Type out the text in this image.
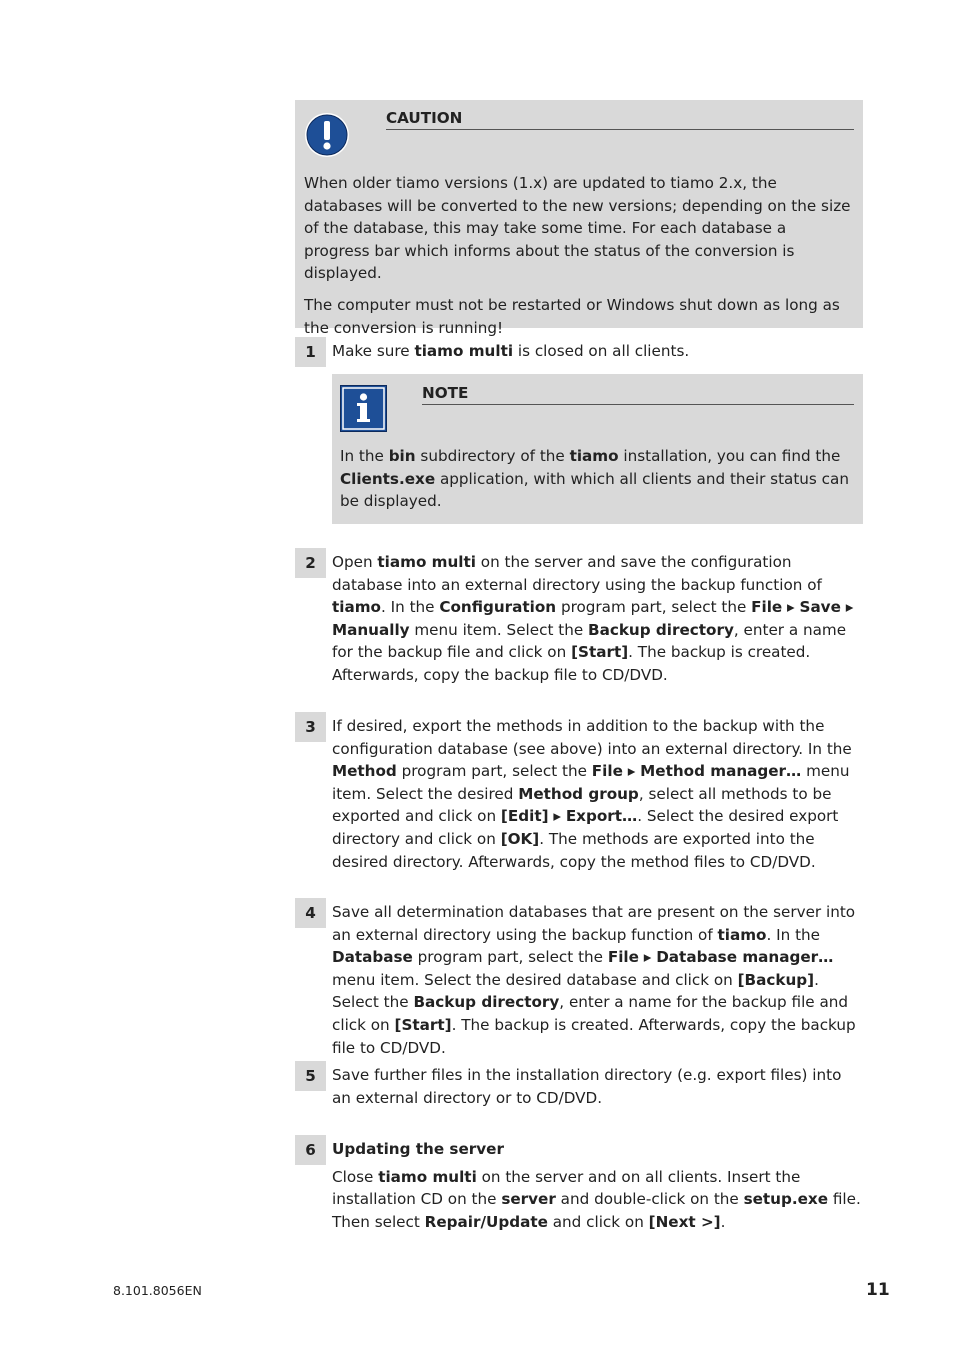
CAUTION

When older tiamo versions (1.x) are updated to tiamo 2.x, the databases will be converted to the new versions; depending on the size of the database, this may take some time. For each database a progress bar which informs about the status of the conversion is displayed.

The computer must not be restarted or Windows shut down as long as the conversion is running!

1	Make sure tiamo multi is closed on all clients.

NOTE

In the bin subdirectory of the tiamo installation, you can find the Clients.exe application, with which all clients and their status can be displayed.

2	Open tiamo multi on the server and save the configuration database into an external directory using the backup function of tiamo. In the Configuration program part, select the File ▸ Save ▸ Manually menu item. Select the Backup directory, enter a name for the backup file and click on [Start]. The backup is created. Afterwards, copy the backup file to CD/DVD.

3	If desired, export the methods in addition to the backup with the configuration database (see above) into an external directory. In the Method program part, select the File ▸ Method manager… menu item. Select the desired Method group, select all methods to be exported and click on [Edit] ▸ Export…. Select the desired export directory and click on [OK]. The methods are exported into the desired directory. Afterwards, copy the method files to CD/DVD.

4	Save all determination databases that are present on the server into an external directory using the backup function of tiamo. In the Database program part, select the File ▸ Database manager… menu item. Select the desired database and click on [Backup]. Select the Backup directory, enter a name for the backup file and click on [Start]. The backup is created. Afterwards, copy the backup file to CD/DVD.

5	Save further files in the installation directory (e.g. export files) into an external directory or to CD/DVD.

6	Updating the server

Close tiamo multi on the server and on all clients. Insert the installation CD on the server and double-click on the setup.exe file. Then select Repair/Update and click on [Next >].

8.101.8056EN	11
